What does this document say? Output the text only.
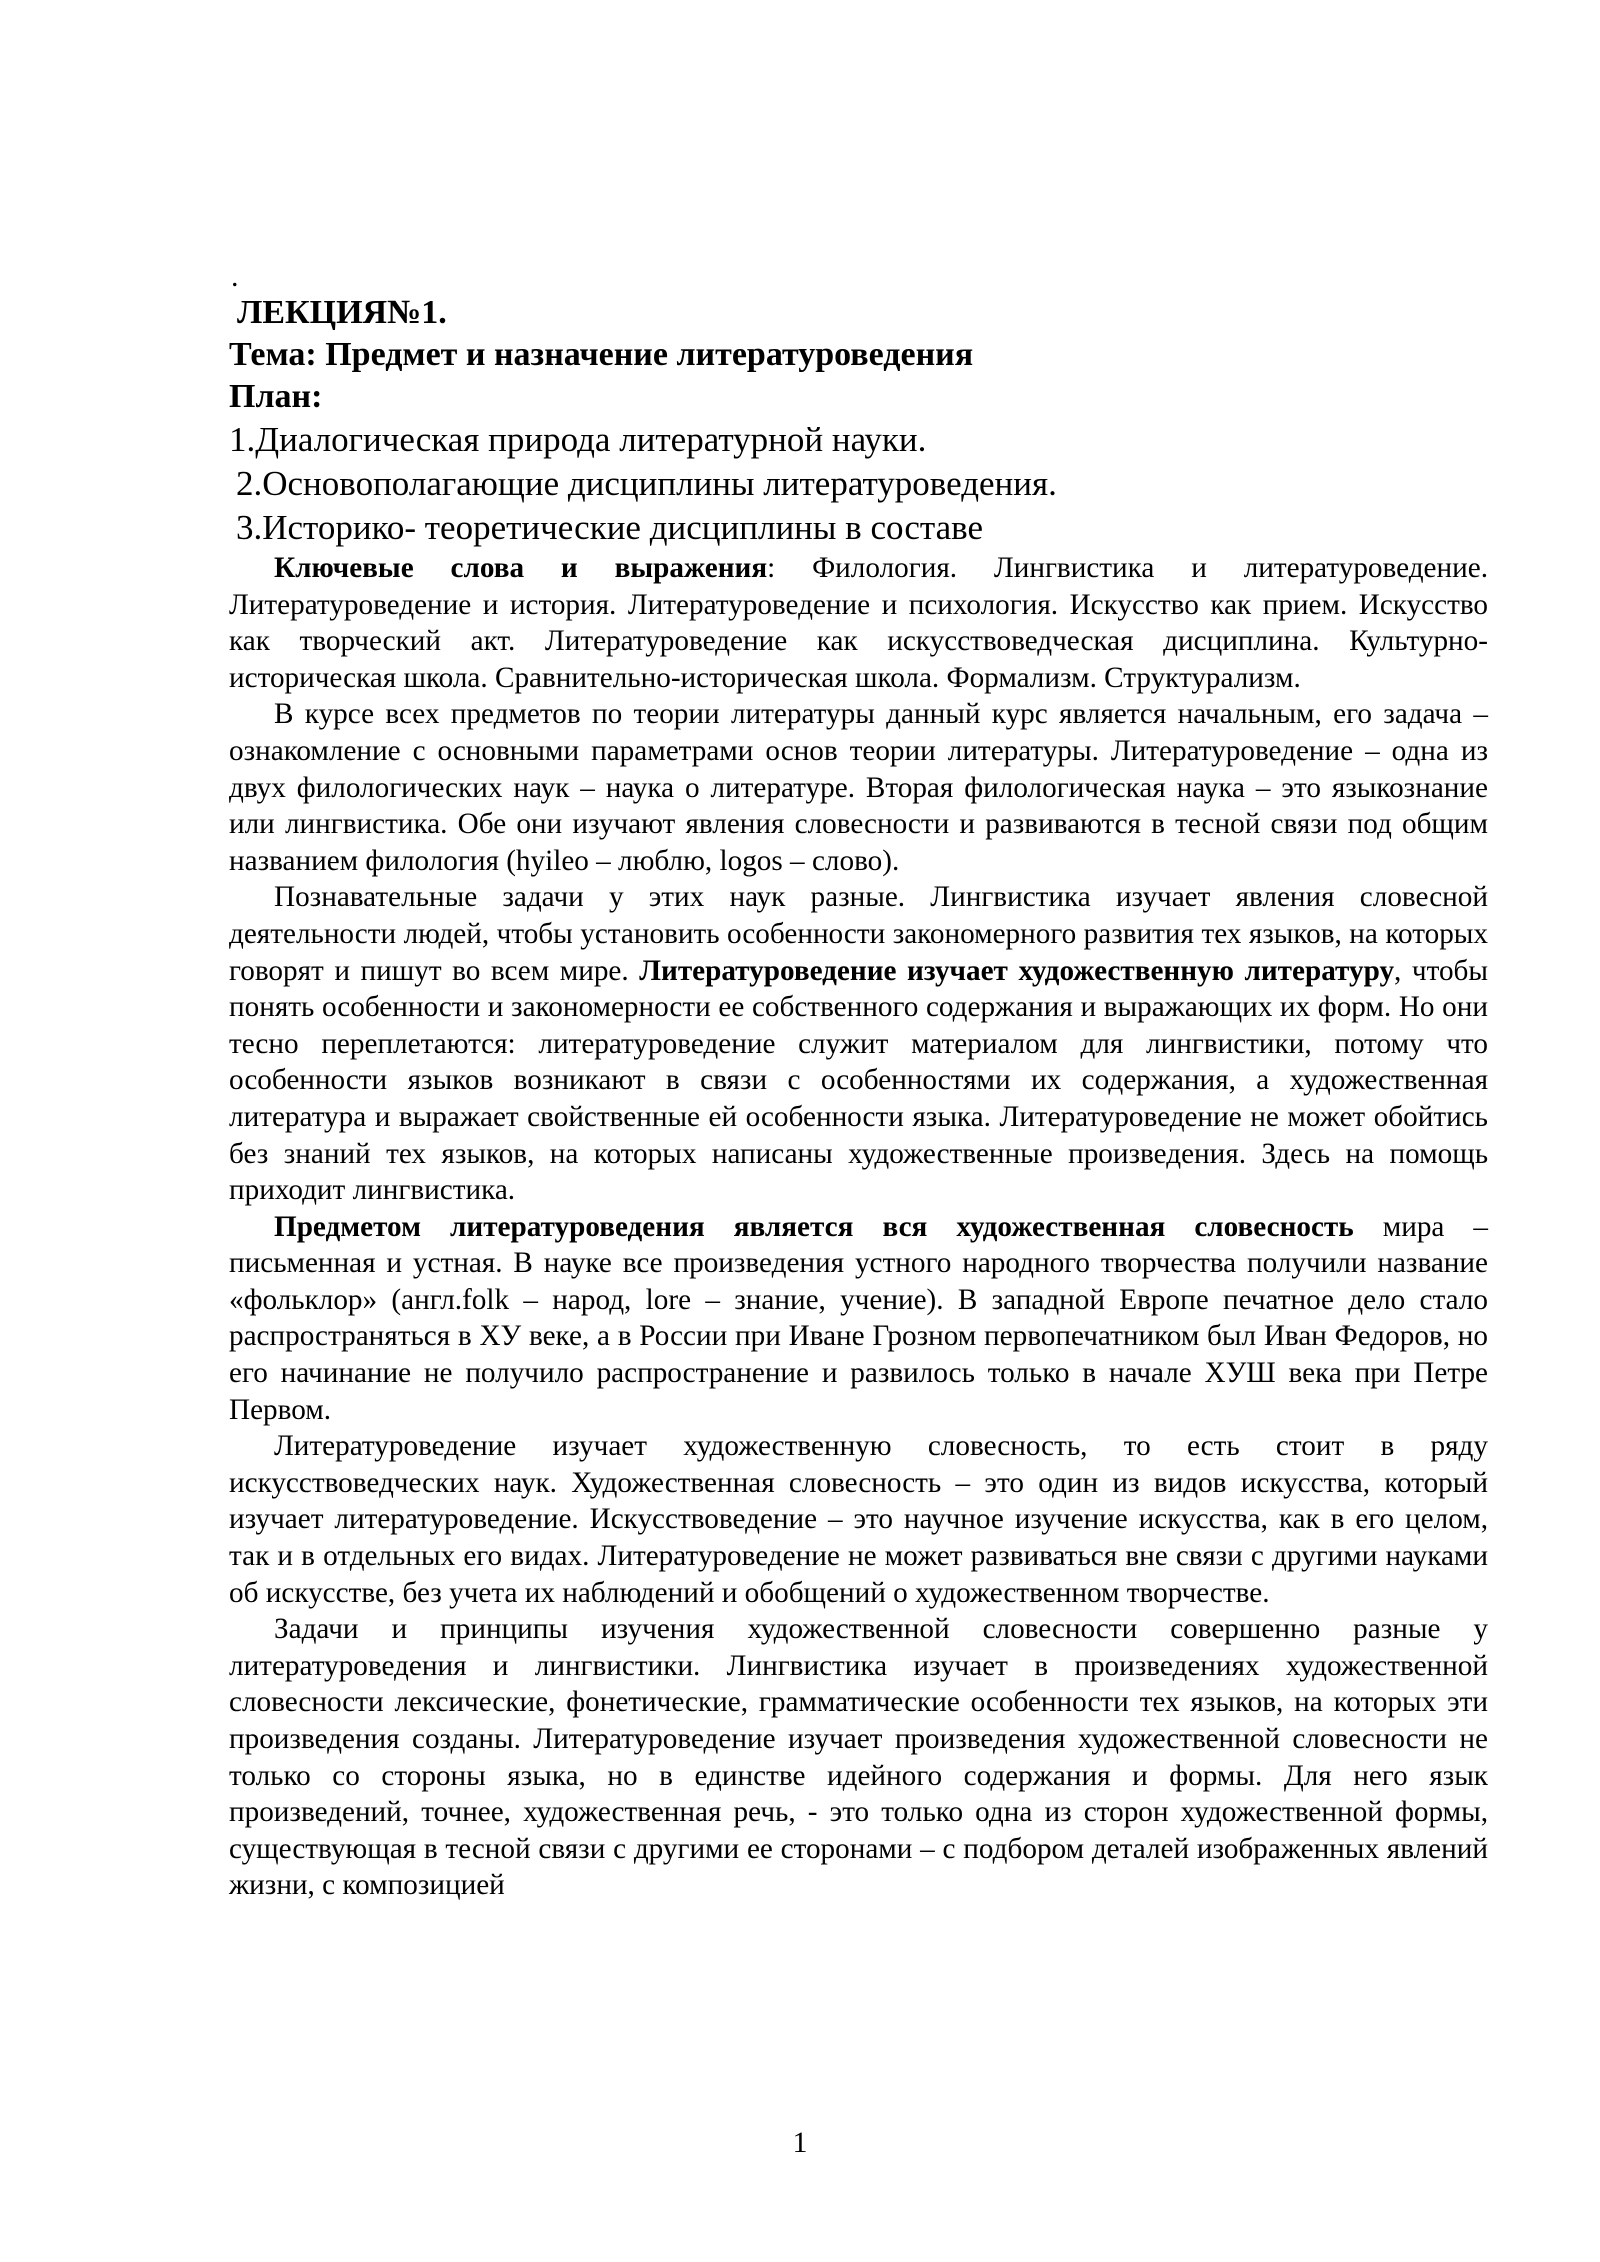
.
ЛЕКЦИЯ№1.
Тема: Предмет и назначение литературоведения
План:
1.Диалогическая природа литературной науки.
2.Основополагающие дисциплины литературоведения.
3.Историко- теоретические дисциплины в составе

Ключевые слова и выражения: Филология. Лингвистика и литературоведение. Литературоведение и история. Литературоведение и психология. Искусство как прием. Искусство как творческий акт. Литературоведение как искусствоведческая дисциплина. Культурно-историческая школа. Сравнительно-историческая школа. Формализм. Структурализм.

В курсе всех предметов по теории литературы данный курс является начальным, его задача – ознакомление с основными параметрами основ теории литературы. Литературоведение – одна из двух филологических наук – наука о литературе. Вторая филологическая наука – это языкознание или лингвистика. Обе они изучают явления словесности и развиваются в тесной связи под общим названием филология (hyileo – люблю, logos – слово).

Познавательные задачи у этих наук разные. Лингвистика изучает явления словесной деятельности людей, чтобы установить особенности закономерного развития тех языков, на которых говорят и пишут во всем мире. Литературоведение изучает художественную литературу, чтобы понять особенности и закономерности ее собственного содержания и выражающих их форм. Но они тесно переплетаются: литературоведение служит материалом для лингвистики, потому что особенности языков возникают в связи с особенностями их содержания, а художественная литература и выражает свойственные ей особенности языка. Литературоведение не может обойтись без знаний тех языков, на которых написаны художественные произведения. Здесь на помощь приходит лингвистика.

Предметом литературоведения является вся художественная словесность мира – письменная и устная. В науке все произведения устного народного творчества получили название «фольклор» (англ.folk – народ, lore – знание, учение). В западной Европе печатное дело стало распространяться в ХУ веке, а в России при Иване Грозном первопечатником был Иван Федоров, но его начинание не получило распространение и развилось только в начале ХУШ века при Петре Первом.

Литературоведение изучает художественную словесность, то есть стоит в ряду искусствоведческих наук. Художественная словесность – это один из видов искусства, который изучает литературоведение. Искусствоведение – это научное изучение искусства, как в его целом, так и в отдельных его видах. Литературоведение не может развиваться вне связи с другими науками об искусстве, без учета их наблюдений и обобщений о художественном творчестве.

Задачи и принципы изучения художественной словесности совершенно разные у литературоведения и лингвистики. Лингвистика изучает в произведениях художественной словесности лексические, фонетические, грамматические особенности тех языков, на которых эти произведения созданы. Литературоведение изучает произведения художественной словесности не только со стороны языка, но в единстве идейного содержания и формы. Для него язык произведений, точнее, художественная речь, - это только одна из сторон художественной формы, существующая в тесной связи с другими ее сторонами – с подбором деталей изображенных явлений жизни, с композицией

1
